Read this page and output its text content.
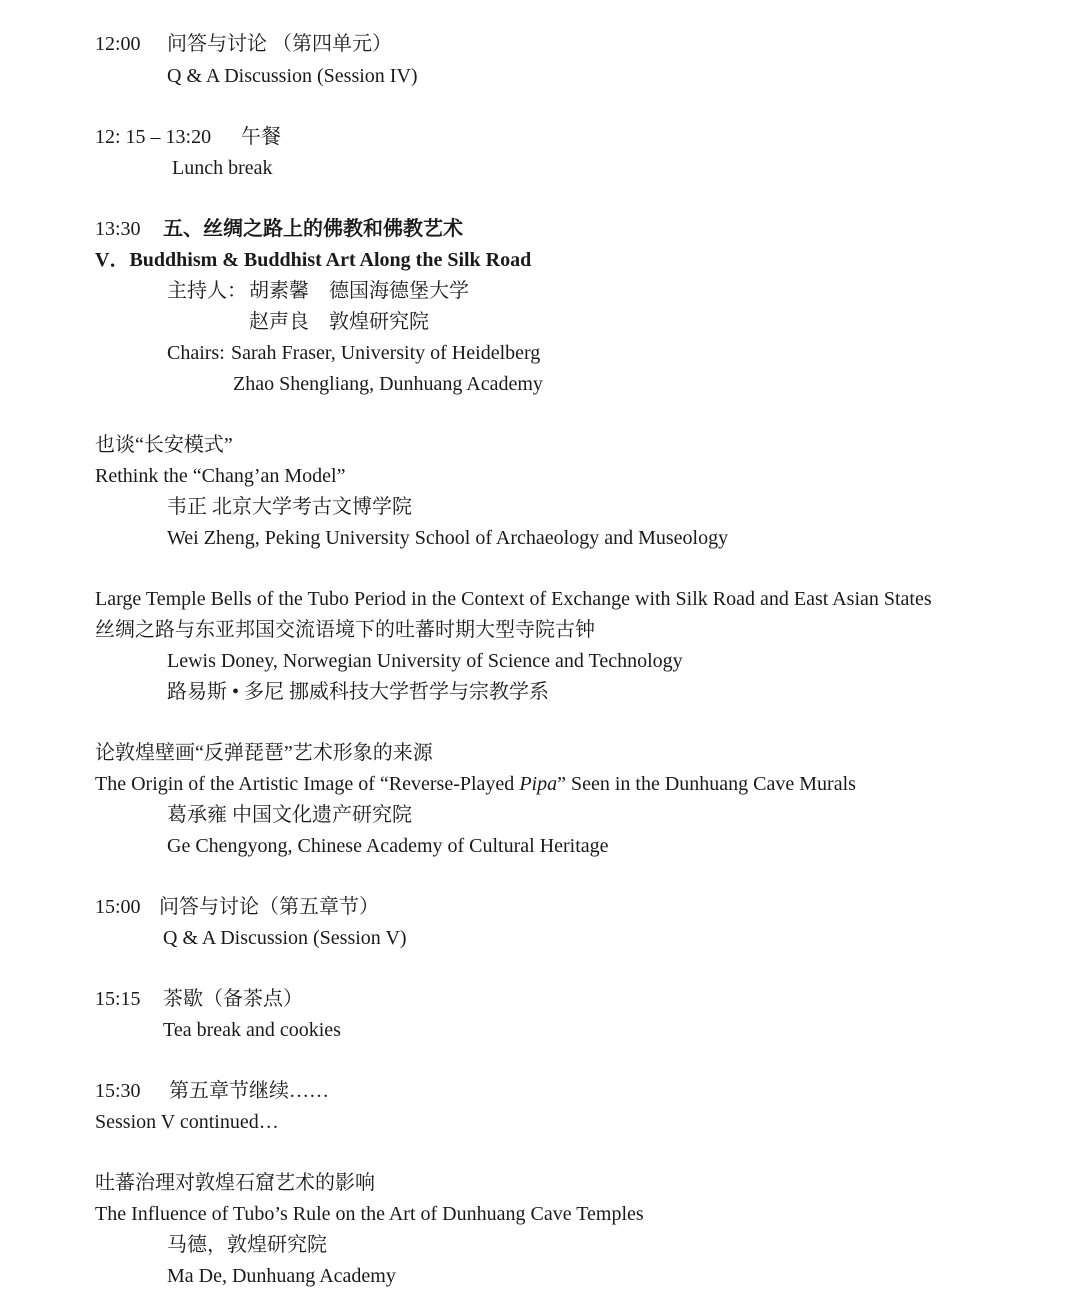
12:00 问答与讨论 （第四单元）
Q & A Discussion (Session IV)
12: 15 – 13:20 午餐
Lunch break
13:30 五、丝绸之路上的佛教和佛教艺术
V．Buddhism & Buddhist Art Along the Silk Road
主持人： 胡素馨　德国海德堡大学
赵声良　敦煌研究院
Chairs: Sarah Fraser, University of Heidelberg
Zhao Shengliang, Dunhuang Academy
也谈“长安模式”
Rethink the “Chang’an Model”
韦正 北京大学考古文博学院
Wei Zheng, Peking University School of Archaeology and Museology
Large Temple Bells of the Tubo Period in the Context of Exchange with Silk Road and East Asian States
丝绸之路与东亚邦国交流语境下的吐蕃时期大型寺院古钟
Lewis Doney, Norwegian University of Science and Technology
路易斯 • 多尼 挪威科技大学哲学与宗教学系
论敦煌壁画“反弹琵琶”艺术形象的来源
The Origin of the Artistic Image of “Reverse-Played Pipa” Seen in the Dunhuang Cave Murals
葛承雍 中国文化遗产研究院
Ge Chengyong, Chinese Academy of Cultural Heritage
15:00 问答与讨论（第五章节）
Q & A Discussion (Session V)
15:15 茶歇（备茶点）
Tea break and cookies
15:30 第五章节继续……
Session V continued…
吐蕃治理对敦煌石窟艺术的影响
The Influence of Tubo’s Rule on the Art of Dunhuang Cave Temples
马德，敦煌研究院
Ma De, Dunhuang Academy
